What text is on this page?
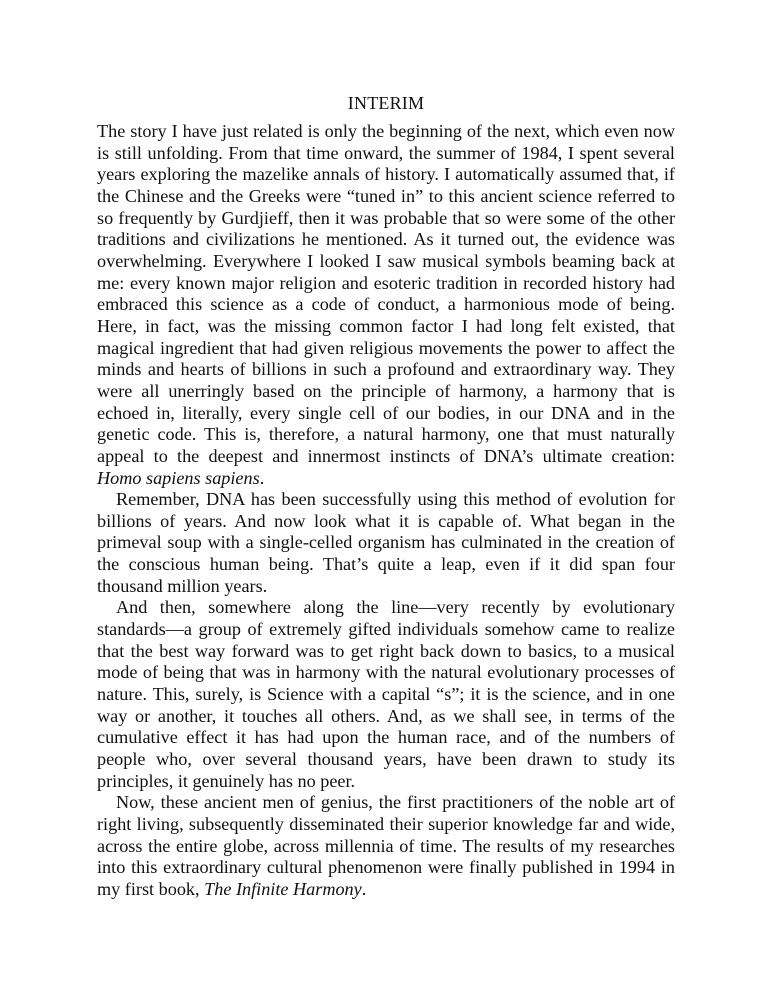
INTERIM

The story I have just related is only the beginning of the next, which even now is still unfolding. From that time onward, the summer of 1984, I spent several years exploring the mazelike annals of history. I automatically assumed that, if the Chinese and the Greeks were “tuned in” to this ancient science referred to so frequently by Gurdjieff, then it was probable that so were some of the other traditions and civilizations he mentioned. As it turned out, the evidence was overwhelming. Everywhere I looked I saw musical symbols beaming back at me: every known major religion and esoteric tradition in recorded history had embraced this science as a code of conduct, a harmonious mode of being. Here, in fact, was the missing common factor I had long felt existed, that magical ingredient that had given religious movements the power to affect the minds and hearts of billions in such a profound and extraordinary way. They were all unerringly based on the principle of harmony, a harmony that is echoed in, literally, every single cell of our bodies, in our DNA and in the genetic code. This is, therefore, a natural harmony, one that must naturally appeal to the deepest and innermost instincts of DNA’s ultimate creation: Homo sapiens sapiens.

Remember, DNA has been successfully using this method of evolution for billions of years. And now look what it is capable of. What began in the primeval soup with a single-celled organism has culminated in the creation of the conscious human being. That’s quite a leap, even if it did span four thousand million years.

And then, somewhere along the line—very recently by evolutionary standards—a group of extremely gifted individuals somehow came to realize that the best way forward was to get right back down to basics, to a musical mode of being that was in harmony with the natural evolutionary processes of nature. This, surely, is Science with a capital “s”; it is the science, and in one way or another, it touches all others. And, as we shall see, in terms of the cumulative effect it has had upon the human race, and of the numbers of people who, over several thousand years, have been drawn to study its principles, it genuinely has no peer.

Now, these ancient men of genius, the first practitioners of the noble art of right living, subsequently disseminated their superior knowledge far and wide, across the entire globe, across millennia of time. The results of my researches into this extraordinary cultural phenomenon were finally published in 1994 in my first book, The Infinite Harmony.
